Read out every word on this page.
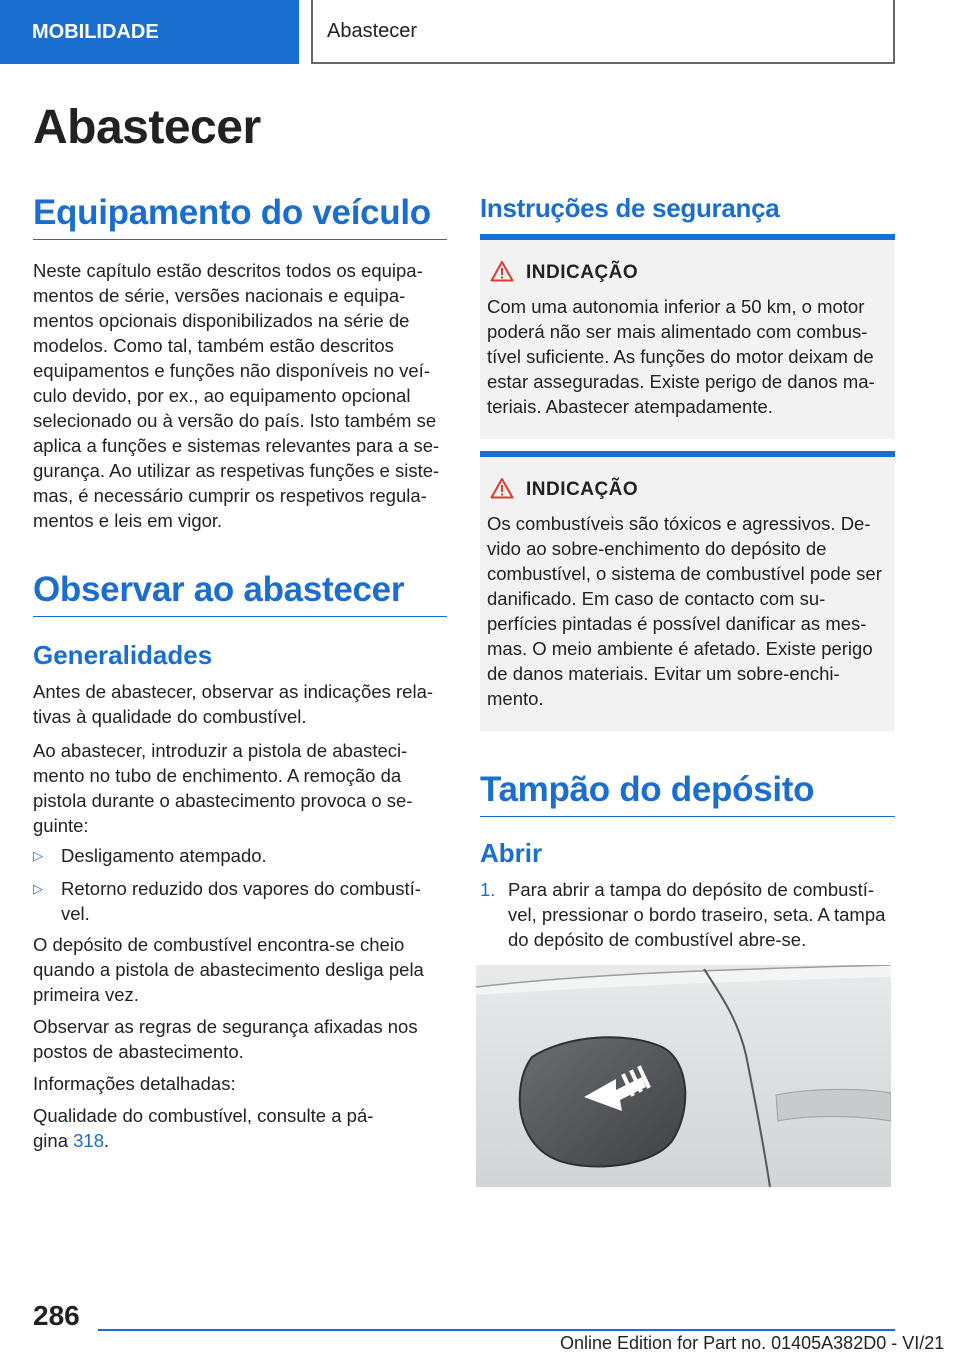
MOBILIDADE	Abastecer
Abastecer
Equipamento do veículo

Neste capítulo estão descritos todos os equipa-mentos de série, versões nacionais e equipa-mentos opcionais disponibilizados na série de modelos. Como tal, também estão descritos equipamentos e funções não disponíveis no veí-culo devido, por ex., ao equipamento opcional selecionado ou à versão do país. Isto também se aplica a funções e sistemas relevantes para a se-gurança. Ao utilizar as respetivas funções e siste-mas, é necessário cumprir os respetivos regula-mentos e leis em vigor.

Observar ao abastecer
Generalidades

Antes de abastecer, observar as indicações rela-tivas à qualidade do combustível.

Ao abastecer, introduzir a pistola de abasteci-mento no tubo de enchimento. A remoção da pistola durante o abastecimento provoca o se-guinte:

▷ Desligamento atempado.
▷ Retorno reduzido dos vapores do combustí-vel.

O depósito de combustível encontra-se cheio quando a pistola de abastecimento desliga pela primeira vez.

Observar as regras de segurança afixadas nos postos de abastecimento.

Informações detalhadas:

Qualidade do combustível, consulte a pá-
gina 318.

Instruções de segurança
INDICAÇÃO

Com uma autonomia inferior a 50 km, o motor poderá não ser mais alimentado com combus-tível suficiente. As funções do motor deixam de estar asseguradas. Existe perigo de danos ma-teriais. Abastecer atempadamente.

INDICAÇÃO

Os combustíveis são tóxicos e agressivos. De-vido ao sobre-enchimento do depósito de combustível, o sistema de combustível pode ser danificado. Em caso de contacto com su-perfícies pintadas é possível danificar as mes-mas. O meio ambiente é afetado. Existe perigo de danos materiais. Evitar um sobre-enchi-mento.

Tampão do depósito
Abrir
1. Para abrir a tampa do depósito de combustí-vel, pressionar o bordo traseiro, seta. A tampa do depósito de combustível abre-se.

286
Online Edition for Part no. 01405A382D0 - VI/21
